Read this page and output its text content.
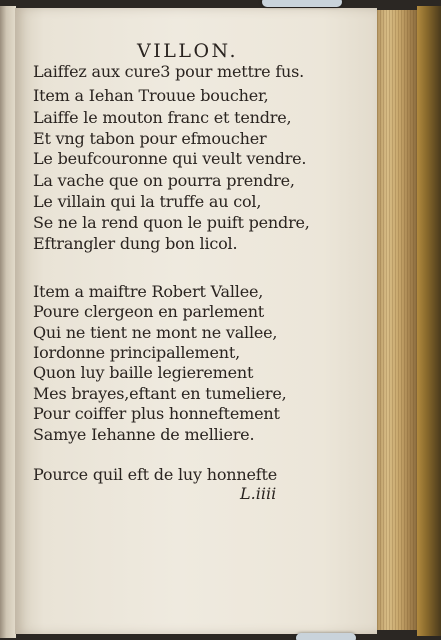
VILLON.

Laiffez aux cure3 pour mettre fus.

Item a Iehan Trouue boucher,

Laiffe le mouton franc et tendre,

Et vng tabon pour efmoucher

Le beufcouronne qui veult vendre.

La vache que on pourra prendre,

Le villain qui la truffe au col,

Se ne la rend quon le puift pendre,

Eftrangler dung bon licol.

Item a maiftre Robert Vallee,

Poure clergeon en parlement

Qui ne tient ne mont ne vallee,

Iordonne principallement,

Quon luy baille legierement

Mes brayes,eftant en tumeliere,

Pour coiffer plus honneftement

Samye Iehanne de melliere.

Pource quil eft de luy honnefte

L.iiii
